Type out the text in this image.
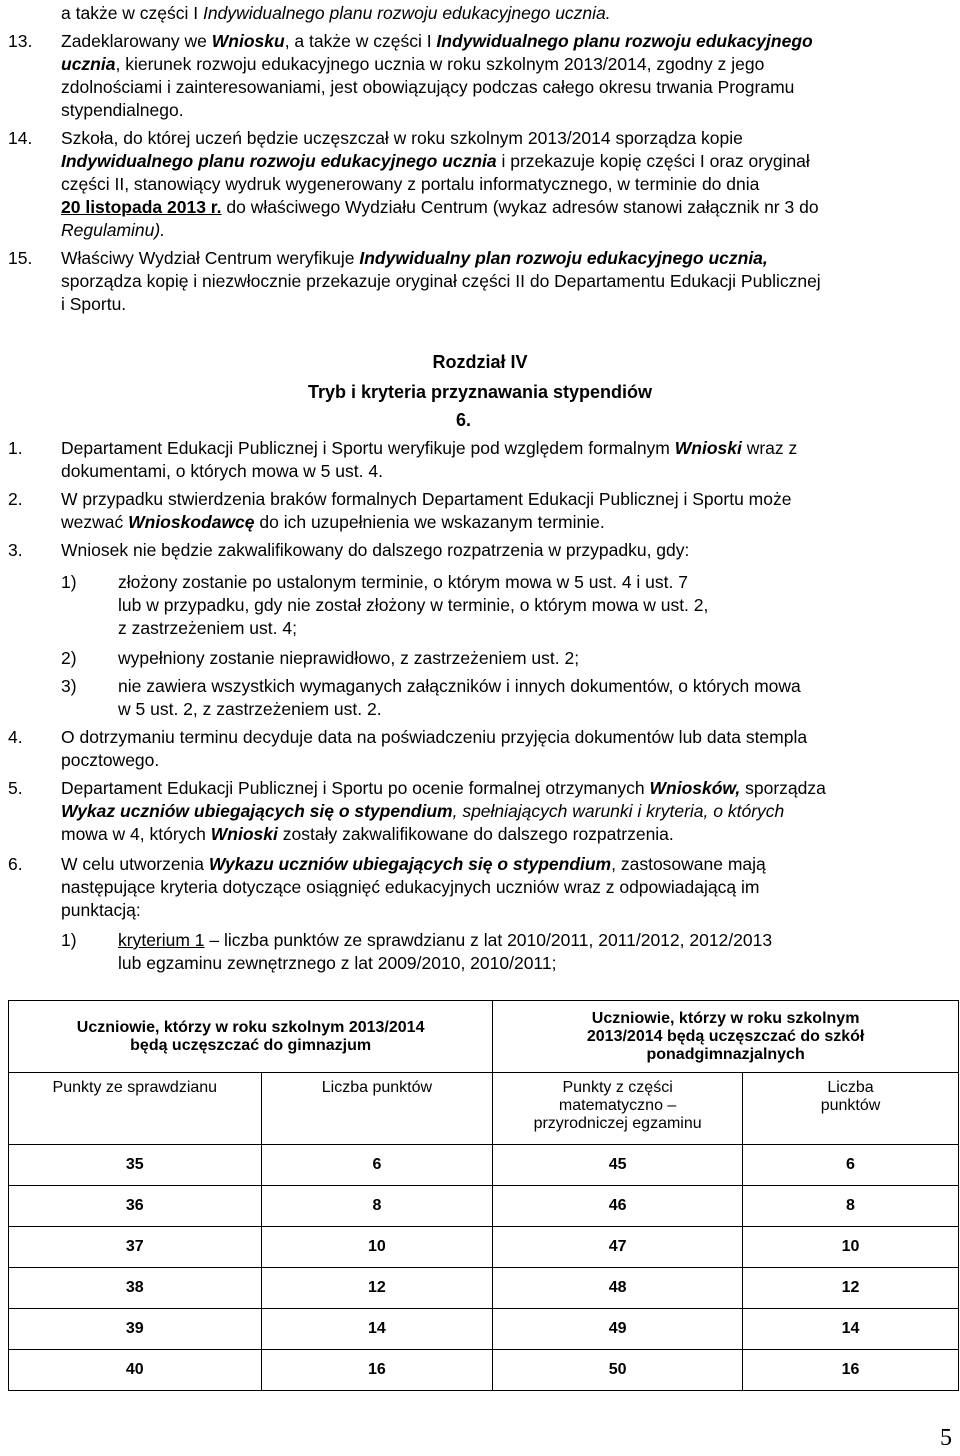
a także w części I Indywidualnego planu rozwoju edukacyjnego ucznia.
13. Zadeklarowany we Wniosku, a także w części I Indywidualnego planu rozwoju edukacyjnego
ucznia, kierunek rozwoju edukacyjnego ucznia w roku szkolnym 2013/2014, zgodny z jego
zdolnościami i zainteresowaniami, jest obowiązujący podczas całego okresu trwania Programu
stypendialnego.
14. Szkoła, do której uczeń będzie uczęszczał w roku szkolnym 2013/2014 sporządza kopie
Indywidualnego planu rozwoju edukacyjnego ucznia i przekazuje kopię części I oraz oryginał
części II, stanowiący wydruk wygenerowany z portalu informatycznego, w terminie do dnia
20 listopada 2013 r. do właściwego Wydziału Centrum (wykaz adresów stanowi załącznik nr 3 do
Regulaminu).
15. Właściwy Wydział Centrum weryfikuje Indywidualny plan rozwoju edukacyjnego ucznia,
sporządza kopię i niezwłocznie przekazuje oryginał części II do Departamentu Edukacji Publicznej
i Sportu.
Rozdział IV
Tryb i kryteria przyznawania stypendiów
6.
1. Departament Edukacji Publicznej i Sportu weryfikuje pod względem formalnym Wnioski wraz z
dokumentami, o których mowa w 5 ust. 4.
2. W przypadku stwierdzenia braków formalnych Departament Edukacji Publicznej i Sportu może
wezwać Wnioskodawcę do ich uzupełnienia we wskazanym terminie.
3. Wniosek nie będzie zakwalifikowany do dalszego rozpatrzenia w przypadku, gdy:
1) złożony zostanie po ustalonym terminie, o którym mowa w 5 ust. 4 i ust. 7
lub w przypadku, gdy nie został złożony w terminie, o którym mowa w ust. 2,
z zastrzeżeniem ust. 4;
2) wypełniony zostanie nieprawidłowo, z zastrzeżeniem ust. 2;
3) nie zawiera wszystkich wymaganych załączników i innych dokumentów, o których mowa
w 5 ust. 2, z zastrzeżeniem ust. 2.
4. O dotrzymaniu terminu decyduje data na poświadczeniu przyjęcia dokumentów lub data stempla
pocztowego.
5. Departament Edukacji Publicznej i Sportu po ocenie formalnej otrzymanych Wniosków, sporządza
Wykaz uczniów ubiegających się o stypendium, spełniających warunki i kryteria, o których
mowa w 4, których Wnioski zostały zakwalifikowane do dalszego rozpatrzenia.
6. W celu utworzenia Wykazu uczniów ubiegających się o stypendium, zastosowane mają
następujące kryteria dotyczące osiągnięć edukacyjnych uczniów wraz z odpowiadającą im
punktacją:
1) kryterium 1 – liczba punktów ze sprawdzianu z lat 2010/2011, 2011/2012, 2012/2013
lub egzaminu zewnętrznego z lat 2009/2010, 2010/2011;
Uczniowie, którzy w roku szkolnym 2013/2014 będą uczęszczać do gimnazjum		Uczniowie, którzy w roku szkolnym 2013/2014 będą uczęszczać do szkół ponadgimnazjalnych	
Punkty ze sprawdzianu	Liczba punktów	Punkty z części matematyczno – przyrodniczej egzaminu	Liczba punktów
35	6	45	6
36	8	46	8
37	10	47	10
38	12	48	12
39	14	49	14
40	16	50	16
5
